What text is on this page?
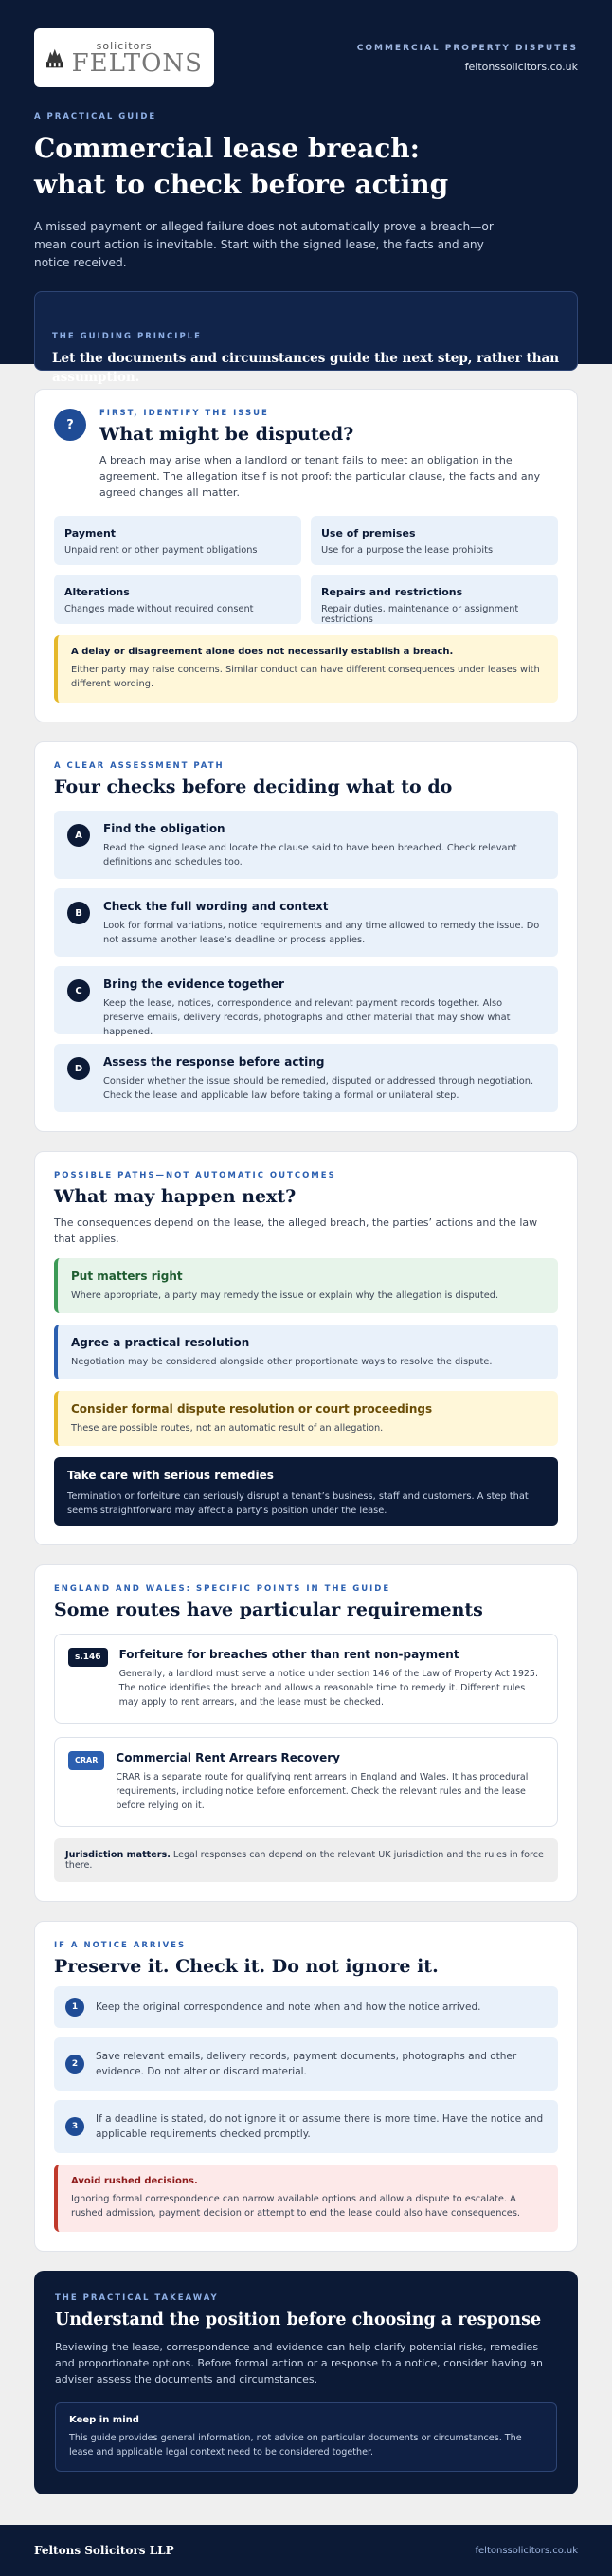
solicitors
FELTONS
COMMERCIAL PROPERTY DISPUTES
feltonssolicitors.co.uk
A PRACTICAL GUIDE
Commercial lease breach:
what to check before acting

A missed payment or alleged failure does not automatically prove a breach—or mean court action is inevitable. Start with the signed lease, the facts and any notice received.

THE GUIDING PRINCIPLE
Let the documents and circumstances guide the next step, rather than assumption.
?
FIRST, IDENTIFY THE ISSUE
What might be disputed?

A breach may arise when a landlord or tenant fails to meet an obligation in the agreement. The allegation itself is not proof: the particular clause, the facts and any agreed changes all matter.

Payment
Unpaid rent or other payment obligations
Use of premises
Use for a purpose the lease prohibits
Alterations
Changes made without required consent
Repairs and restrictions
Repair duties, maintenance or assignment restrictions
A delay or disagreement alone does not necessarily establish a breach.
Either party may raise concerns. Similar conduct can have different consequences under leases with different wording.
A CLEAR ASSESSMENT PATH
Four checks before deciding what to do
A	Find the obligation
Read the signed lease and locate the clause said to have been breached. Check relevant definitions and schedules too.
B	Check the full wording and context
Look for formal variations, notice requirements and any time allowed to remedy the issue. Do not assume another lease’s deadline or process applies.
C	Bring the evidence together
Keep the lease, notices, correspondence and relevant payment records together. Also preserve emails, delivery records, photographs and other material that may show what happened.
D	Assess the response before acting
Consider whether the issue should be remedied, disputed or addressed through negotiation. Check the lease and applicable law before taking a formal or unilateral step.
POSSIBLE PATHS—NOT AUTOMATIC OUTCOMES
What may happen next?

The consequences depend on the lease, the alleged breach, the parties’ actions and the law that applies.

Put matters right
Where appropriate, a party may remedy the issue or explain why the allegation is disputed.
Agree a practical resolution
Negotiation may be considered alongside other proportionate ways to resolve the dispute.
Consider formal dispute resolution or court proceedings
These are possible routes, not an automatic result of an allegation.
Take care with serious remedies
Termination or forfeiture can seriously disrupt a tenant’s business, staff and customers. A step that seems straightforward may affect a party’s position under the lease.
ENGLAND AND WALES: SPECIFIC POINTS IN THE GUIDE
Some routes have particular requirements
s.146	Forfeiture for breaches other than rent non-payment
Generally, a landlord must serve a notice under section 146 of the Law of Property Act 1925. The notice identifies the breach and allows a reasonable time to remedy it. Different rules may apply to rent arrears, and the lease must be checked.
CRAR	Commercial Rent Arrears Recovery
CRAR is a separate route for qualifying rent arrears in England and Wales. It has procedural requirements, including notice before enforcement. Check the relevant rules and the lease before relying on it.
Jurisdiction matters. Legal responses can depend on the relevant UK jurisdiction and the rules in force there.
IF A NOTICE ARRIVES
Preserve it. Check it. Do not ignore it.
1	Keep the original correspondence and note when and how the notice arrived.
2
Save relevant emails, delivery records, payment documents, photographs and other evidence. Do not alter or discard material.
3
If a deadline is stated, do not ignore it or assume there is more time. Have the notice and applicable requirements checked promptly.
Avoid rushed decisions.
Ignoring formal correspondence can narrow available options and allow a dispute to escalate. A rushed admission, payment decision or attempt to end the lease could also have consequences.
THE PRACTICAL TAKEAWAY
Understand the position before choosing a response

Reviewing the lease, correspondence and evidence can help clarify potential risks, remedies and proportionate options. Before formal action or a response to a notice, consider having an adviser assess the documents and circumstances.

Keep in mind
This guide provides general information, not advice on particular documents or circumstances. The lease and applicable legal context need to be considered together.
Feltons Solicitors LLP	feltonssolicitors.co.uk
